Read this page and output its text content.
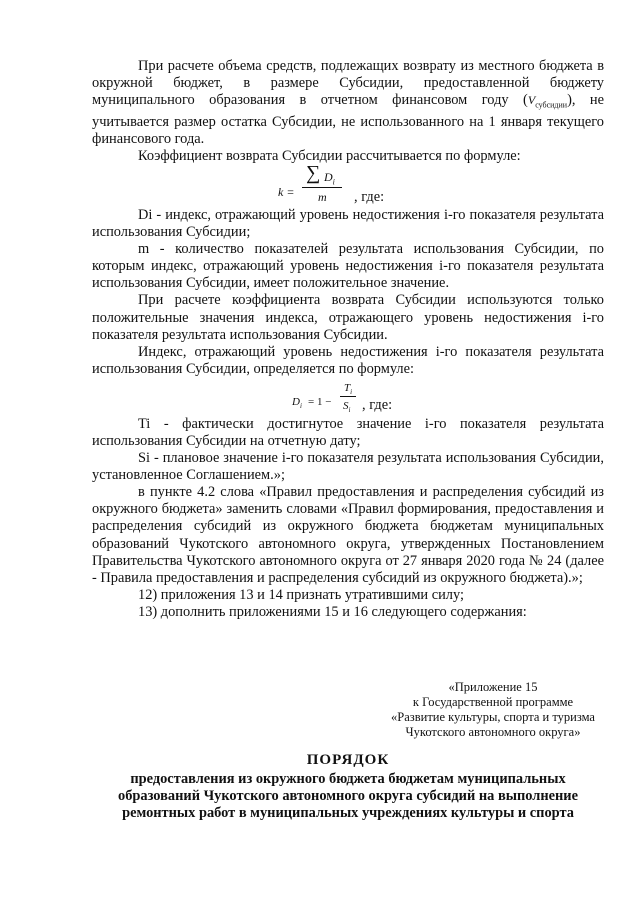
При расчете объема средств, подлежащих возврату из местного бюджета в окружной бюджет, в размере Субсидии, предоставленной бюджету муниципального образования в отчетном финансовом году $(V_{субсидии})$, не учитывается размер остатка Субсидии, не использованного на 1 января текущего финансового года.

Коэффициент возврата Субсидии рассчитывается по формуле:

k =
∑ $D_i$
m , где:

Di - индекс, отражающий уровень недостижения i-го показателя результата использования Субсидии;

m - количество показателей результата использования Субсидии, по которым индекс, отражающий уровень недостижения i-го показателя результата использования Субсидии, имеет положительное значение.

При расчете коэффициента возврата Субсидии используются только положительные значения индекса, отражающего уровень недостижения i-го показателя результата использования Субсидии.

Индекс, отражающий уровень недостижения i-го показателя результата использования Субсидии, определяется по формуле:

$D_i = 1$ −
$T_i$
$S_i$ , где:

Ti - фактически достигнутое значение i-го показателя результата использования Субсидии на отчетную дату;

Si - плановое значение i-го показателя результата использования Субсидии, установленное Соглашением.»;

в пункте 4.2 слова «Правил предоставления и распределения субсидий из окружного бюджета» заменить словами «Правил формирования, предоставления и распределения субсидий из окружного бюджета бюджетам муниципальных образований Чукотского автономного округа, утвержденных Постановлением Правительства Чукотского автономного округа от 27 января 2020 года № 24 (далее - Правила предоставления и распределения субсидий из окружного бюджета).»;

12) приложения 13 и 14 признать утратившими силу;

13) дополнить приложениями 15 и 16 следующего содержания:

«Приложение 15
к Государственной программе
«Развитие культуры, спорта и туризма
Чукотского автономного округа»
ПОРЯДОК
предоставления из окружного бюджета бюджетам муниципальных
образований Чукотского автономного округа субсидий на выполнение
ремонтных работ в муниципальных учреждениях культуры и спорта
